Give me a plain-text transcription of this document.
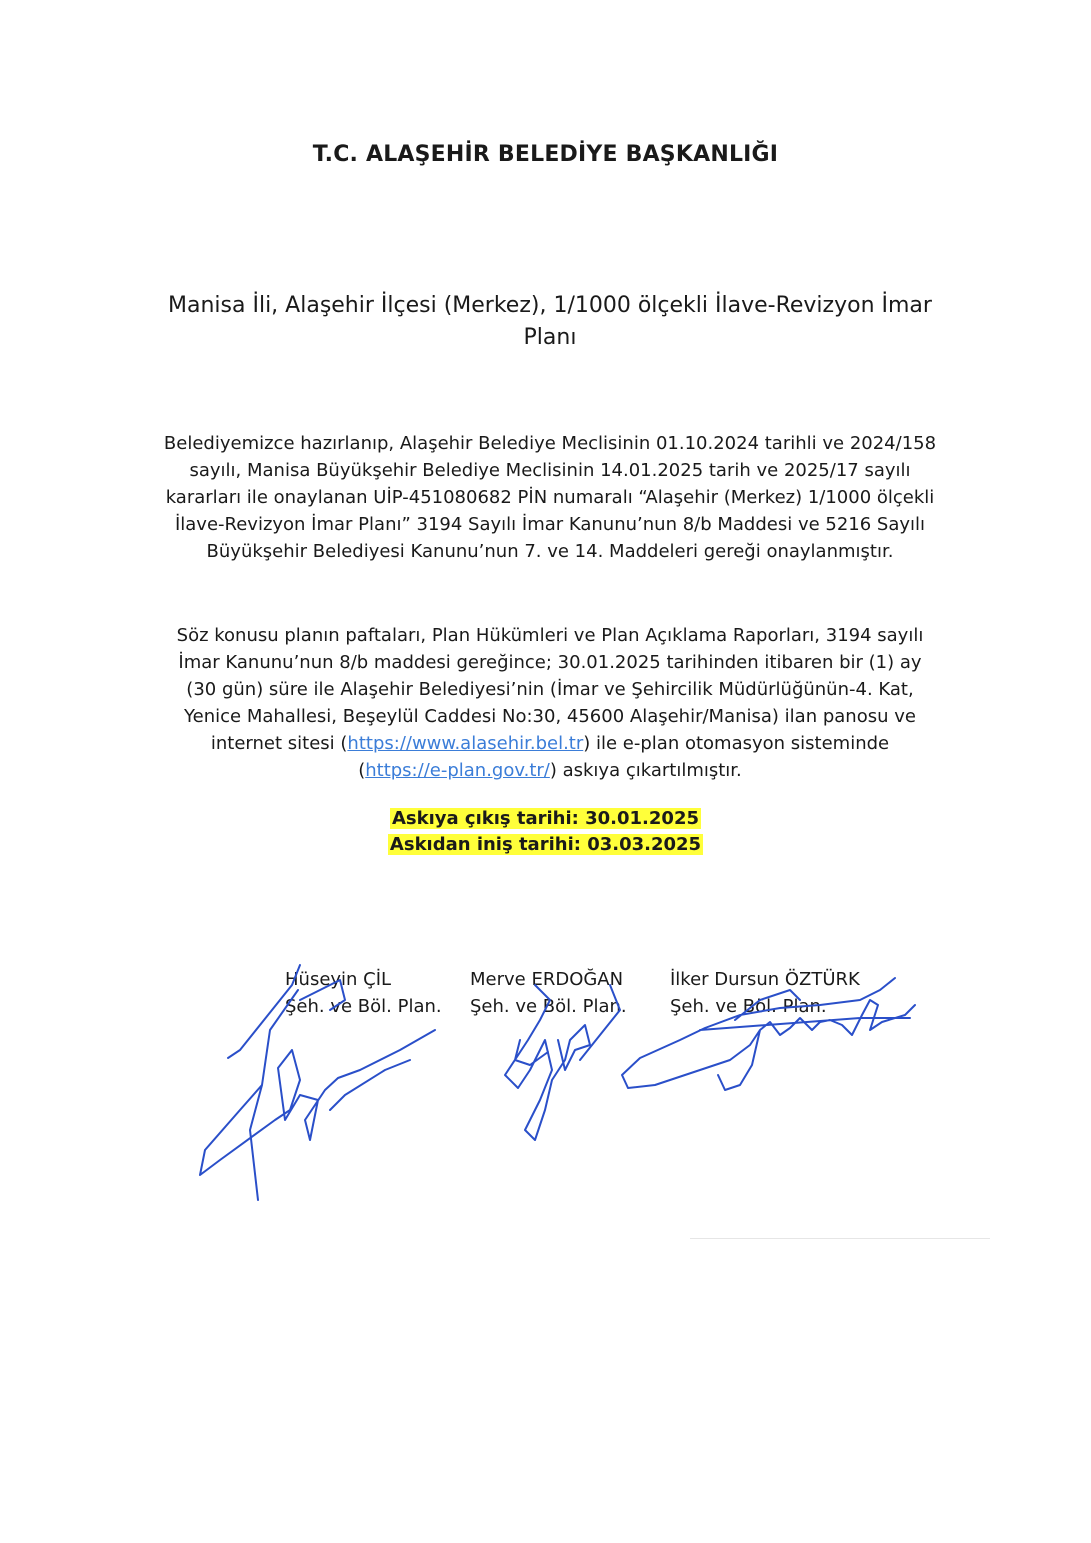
T.C. ALAŞEHİR BELEDİYE BAŞKANLIĞI
Manisa İli, Alaşehir İlçesi (Merkez), 1/1000 ölçekli İlave-Revizyon İmar
Planı
Belediyemizce hazırlanıp, Alaşehir Belediye Meclisinin 01.10.2024 tarihli ve 2024/158
sayılı, Manisa Büyükşehir Belediye Meclisinin 14.01.2025 tarih ve 2025/17 sayılı
kararları ile onaylanan UİP-451080682 PİN numaralı “Alaşehir (Merkez) 1/1000 ölçekli
İlave-Revizyon İmar Planı” 3194 Sayılı İmar Kanunu’nun 8/b Maddesi ve 5216 Sayılı
Büyükşehir Belediyesi Kanunu’nun 7. ve 14. Maddeleri gereği onaylanmıştır.
Söz konusu planın paftaları, Plan Hükümleri ve Plan Açıklama Raporları, 3194 sayılı
İmar Kanunu’nun 8/b maddesi gereğince; 30.01.2025 tarihinden itibaren bir (1) ay
(30 gün) süre ile Alaşehir Belediyesi’nin (İmar ve Şehircilik Müdürlüğünün-4. Kat,
Yenice Mahallesi, Beşeylül Caddesi No:30, 45600 Alaşehir/Manisa) ilan panosu ve
internet sitesi (https://www.alasehir.bel.tr) ile e-plan otomasyon sisteminde
(https://e-plan.gov.tr/) askıya çıkartılmıştır.
Askıya çıkış tarihi: 30.01.2025
Askıdan iniş tarihi: 03.03.2025
Hüseyin ÇİL
Şeh. ve Böl. Plan.
Merve ERDOĞAN
Şeh. ve Böl. Plan.
İlker Dursun ÖZTÜRK
Şeh. ve Böl. Plan.
